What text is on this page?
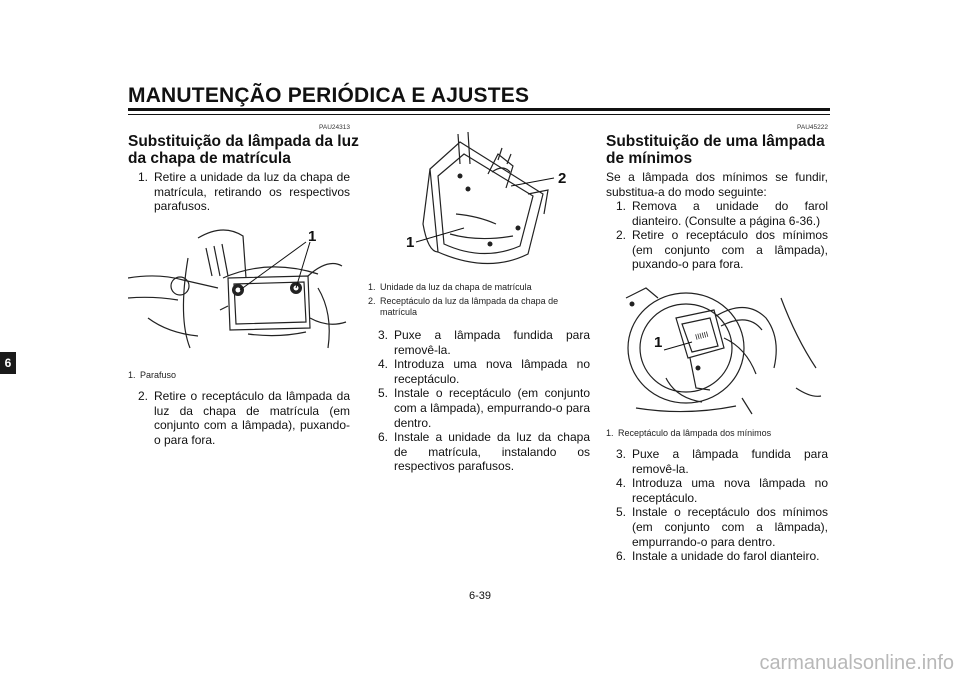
MANUTENÇÃO PERIÓDICA E AJUSTES
6
PAU24313
Substituição da lâmpada da luz da chapa de matrícula
1. Retire a unidade da luz da chapa de matrícula, retirando os respectivos parafusos.
1
1. Parafuso
2. Retire o receptáculo da lâmpada da luz da chapa de matrícula (em conjunto com a lâmpada), puxando-o para fora.
1
2
1. Unidade da luz da chapa de matrícula
2. Receptáculo da luz da lâmpada da chapa de matrícula
3. Puxe a lâmpada fundida para removê-la.
4. Introduza uma nova lâmpada no receptáculo.
5. Instale o receptáculo (em conjunto com a lâmpada), empurrando-o para dentro.
6. Instale a unidade da luz da chapa de matrícula, instalando os respectivos parafusos.
PAU45222
Substituição de uma lâmpada de mínimos
Se a lâmpada dos mínimos se fundir, substitua-a do modo seguinte:
1. Remova a unidade do farol dianteiro. (Consulte a página 6-36.)
2. Retire o receptáculo dos mínimos (em conjunto com a lâmpada), puxando-o para fora.
IIIIII
1
1. Receptáculo da lâmpada dos mínimos
3. Puxe a lâmpada fundida para removê-la.
4. Introduza uma nova lâmpada no receptáculo.
5. Instale o receptáculo dos mínimos (em conjunto com a lâmpada), empurrando-o para dentro.
6. Instale a unidade do farol dianteiro.
6-39
carmanualsonline.info
